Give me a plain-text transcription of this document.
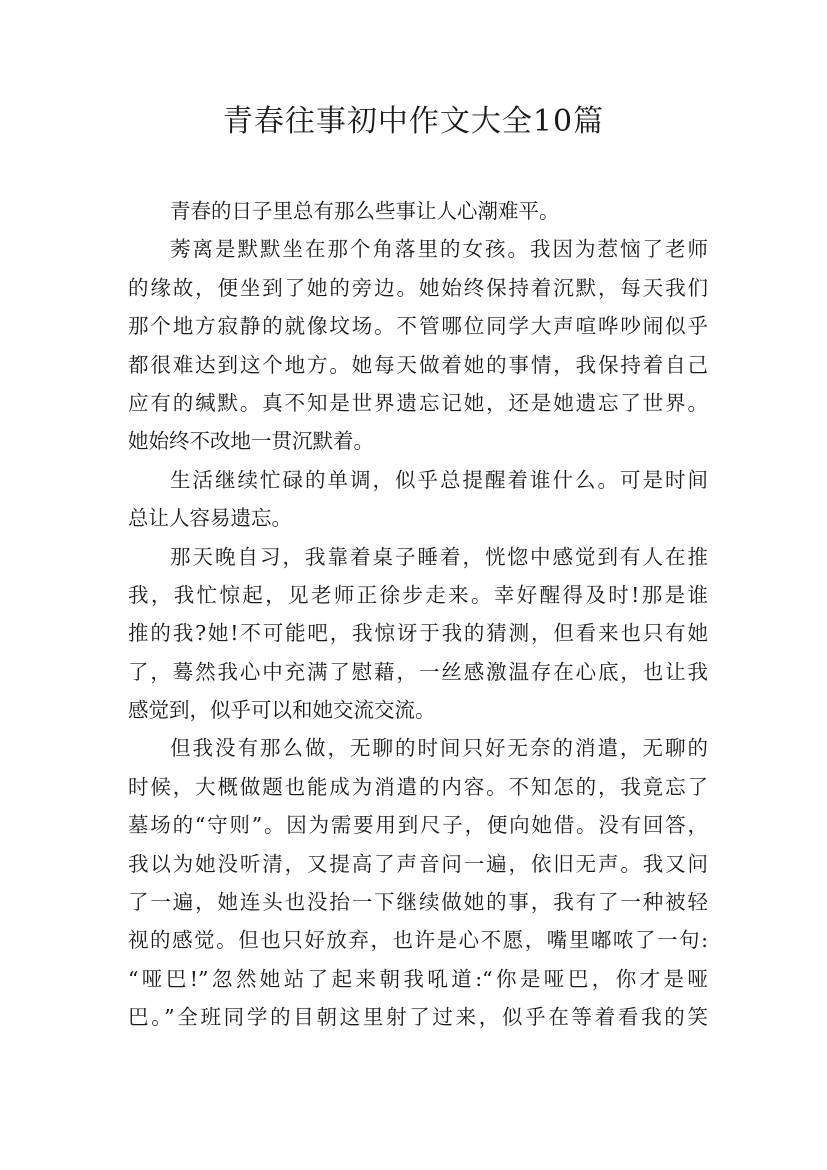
青春往事初中作文大全10篇
青春的日子里总有那么些事让人心潮难平。
莠离是默默坐在那个角落里的女孩。我因为惹恼了老师
的缘故，便坐到了她的旁边。她始终保持着沉默，每天我们
那个地方寂静的就像坟场。不管哪位同学大声喧哗吵闹似乎
都很难达到这个地方。她每天做着她的事情，我保持着自己
应有的缄默。真不知是世界遗忘记她，还是她遗忘了世界。
她始终不改地一贯沉默着。
生活继续忙碌的单调，似乎总提醒着谁什么。可是时间
总让人容易遗忘。
那天晚自习，我靠着桌子睡着，恍惚中感觉到有人在推
我，我忙惊起，见老师正徐步走来。幸好醒得及时!那是谁
推的我?她!不可能吧，我惊讶于我的猜测，但看来也只有她
了，蓦然我心中充满了慰藉，一丝感激温存在心底，也让我
感觉到，似乎可以和她交流交流。
但我没有那么做，无聊的时间只好无奈的消遣，无聊的
时候，大概做题也能成为消遣的内容。不知怎的，我竟忘了
墓场的“守则”。因为需要用到尺子，便向她借。没有回答，
我以为她没听清，又提高了声音问一遍，依旧无声。我又问
了一遍，她连头也没抬一下继续做她的事，我有了一种被轻
视的感觉。但也只好放弃，也许是心不愿，嘴里嘟哝了一句:
“哑巴!”忽然她站了起来朝我吼道:“你是哑巴，你才是哑
巴。”全班同学的目朝这里射了过来，似乎在等着看我的笑
